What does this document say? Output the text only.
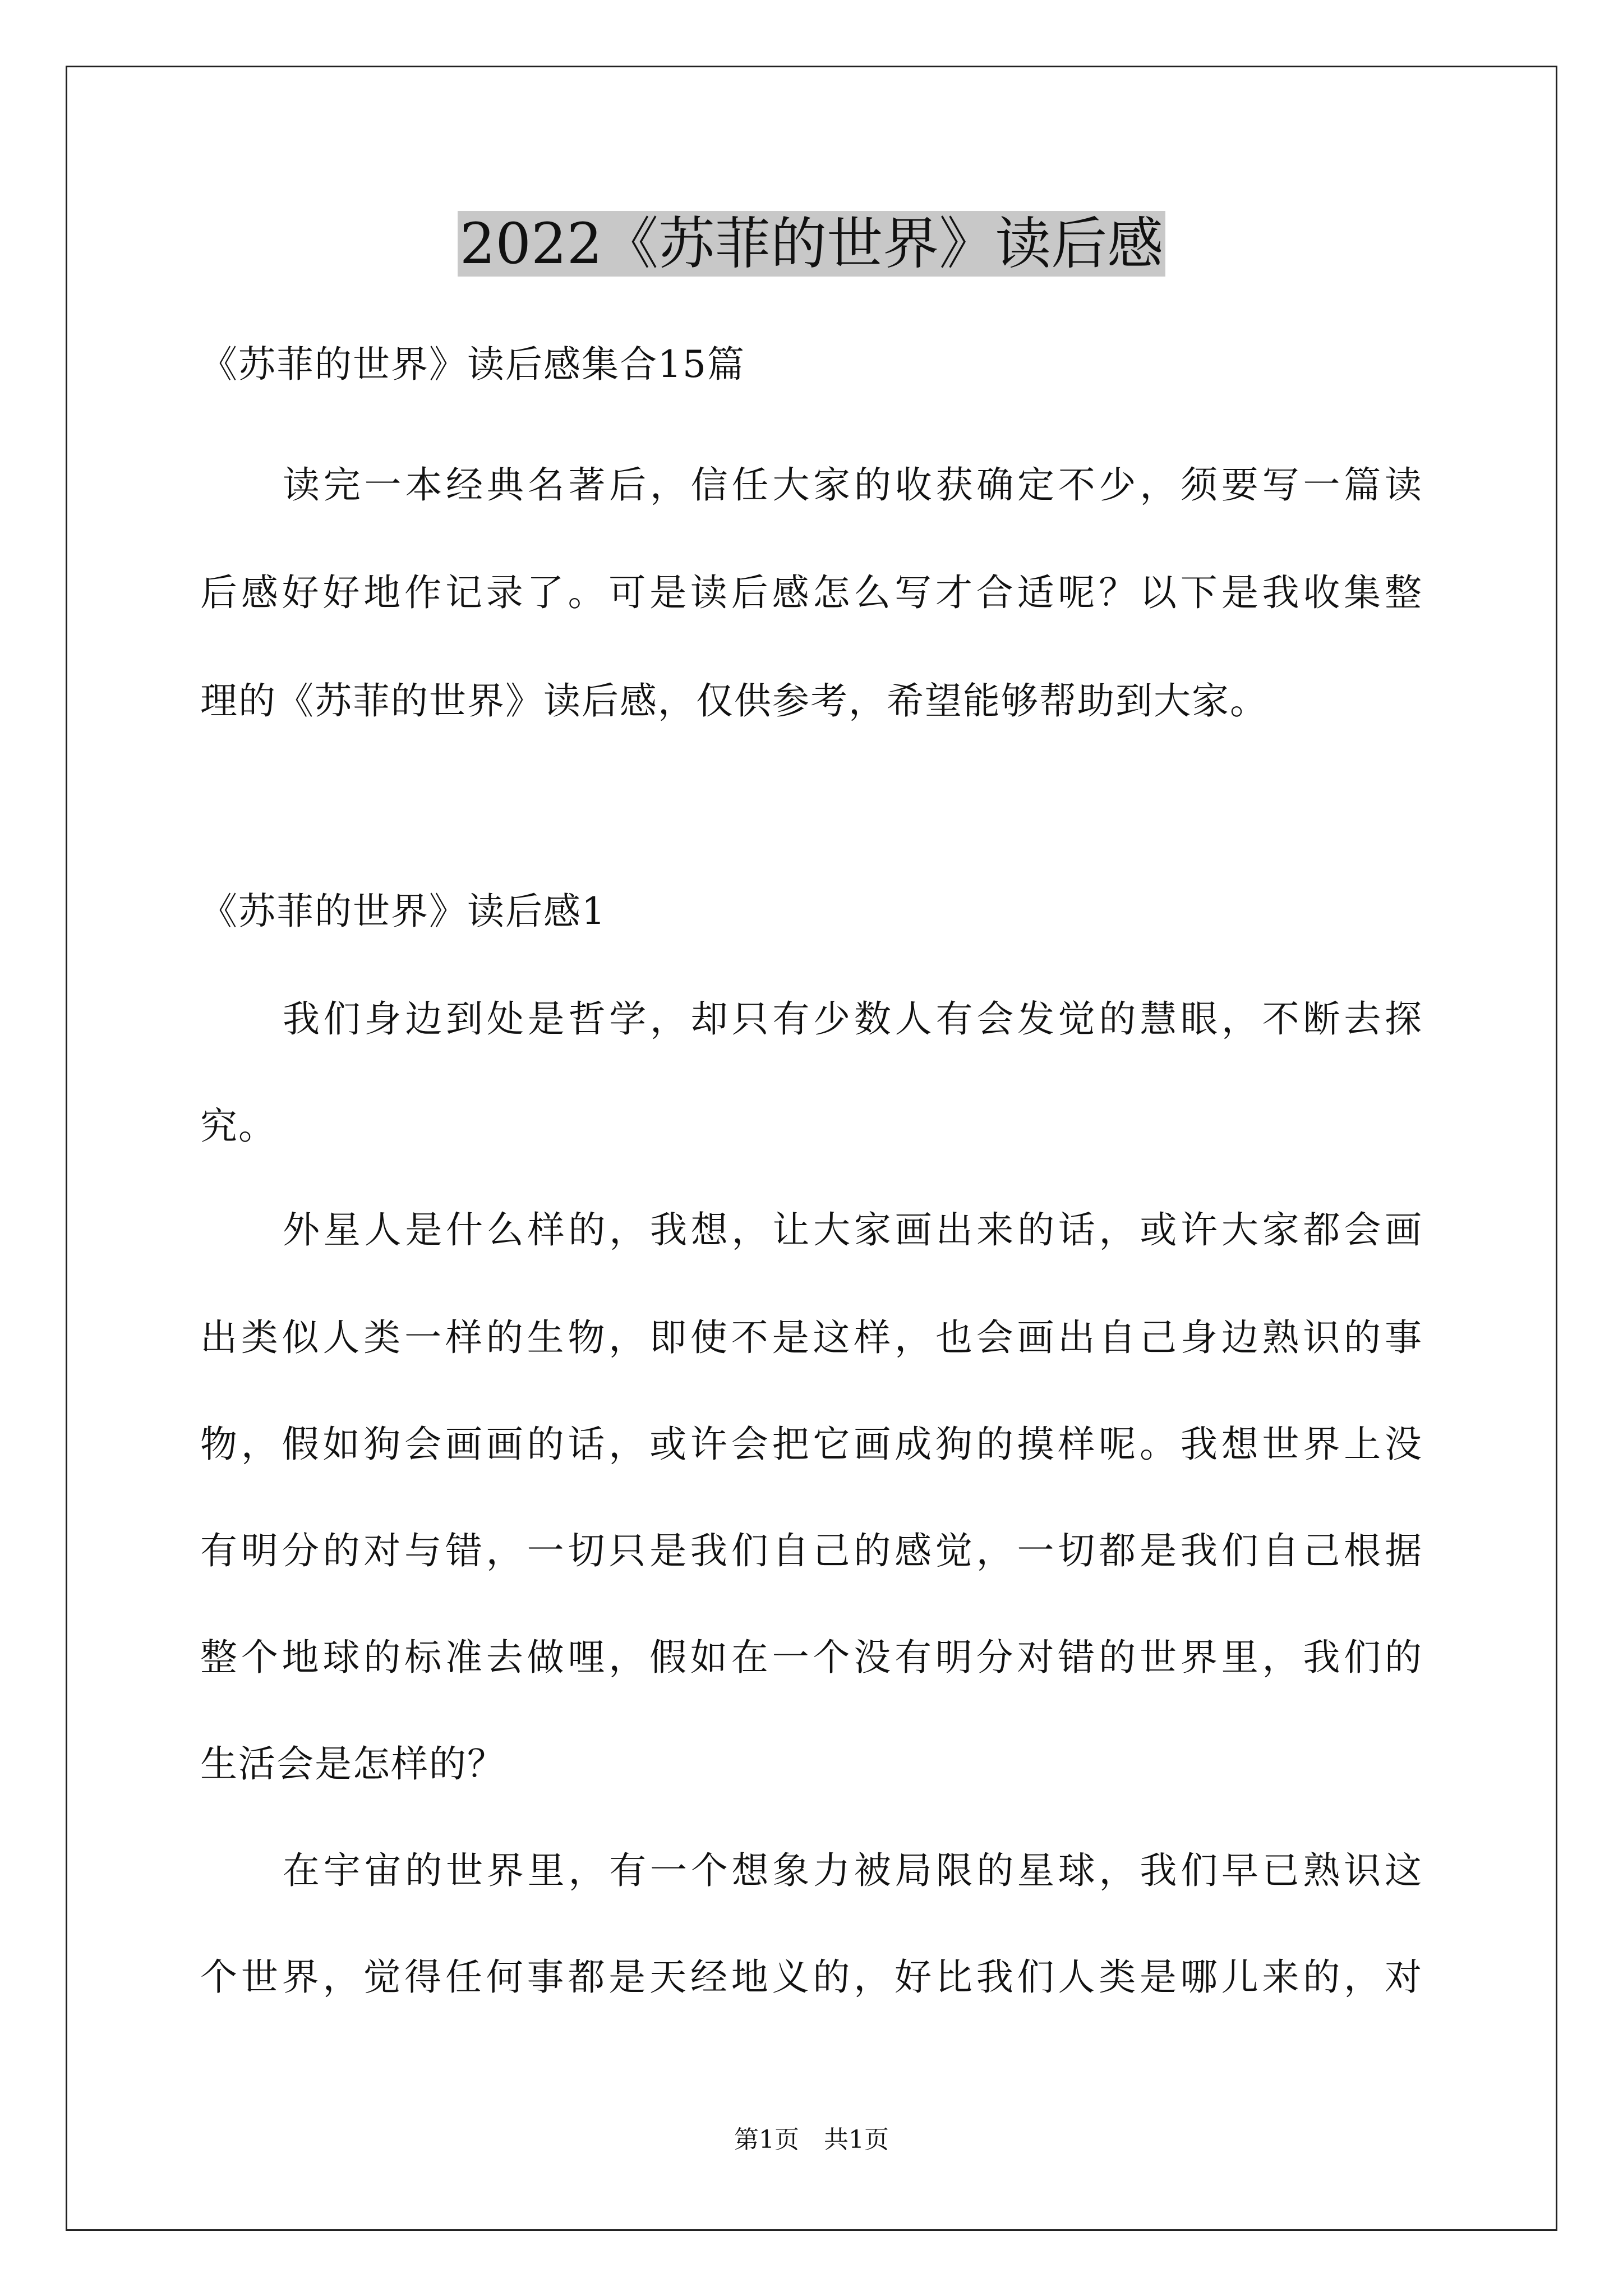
2022《苏菲的世界》读后感
《苏菲的世界》读后感集合15篇
读完一本经典名著后，信任大家的收获确定不少，须要写一篇读
后感好好地作记录了。可是读后感怎么写才合适呢？以下是我收集整
理的《苏菲的世界》读后感，仅供参考，希望能够帮助到大家。
《苏菲的世界》读后感1
我们身边到处是哲学，却只有少数人有会发觉的慧眼，不断去探
究。
外星人是什么样的，我想，让大家画出来的话，或许大家都会画
出类似人类一样的生物，即使不是这样，也会画出自己身边熟识的事
物，假如狗会画画的话，或许会把它画成狗的摸样呢。我想世界上没
有明分的对与错，一切只是我们自己的感觉，一切都是我们自己根据
整个地球的标准去做哩，假如在一个没有明分对错的世界里，我们的
生活会是怎样的？
在宇宙的世界里，有一个想象力被局限的星球，我们早已熟识这
个世界，觉得任何事都是天经地义的，好比我们人类是哪儿来的，对
第1页　共1页
